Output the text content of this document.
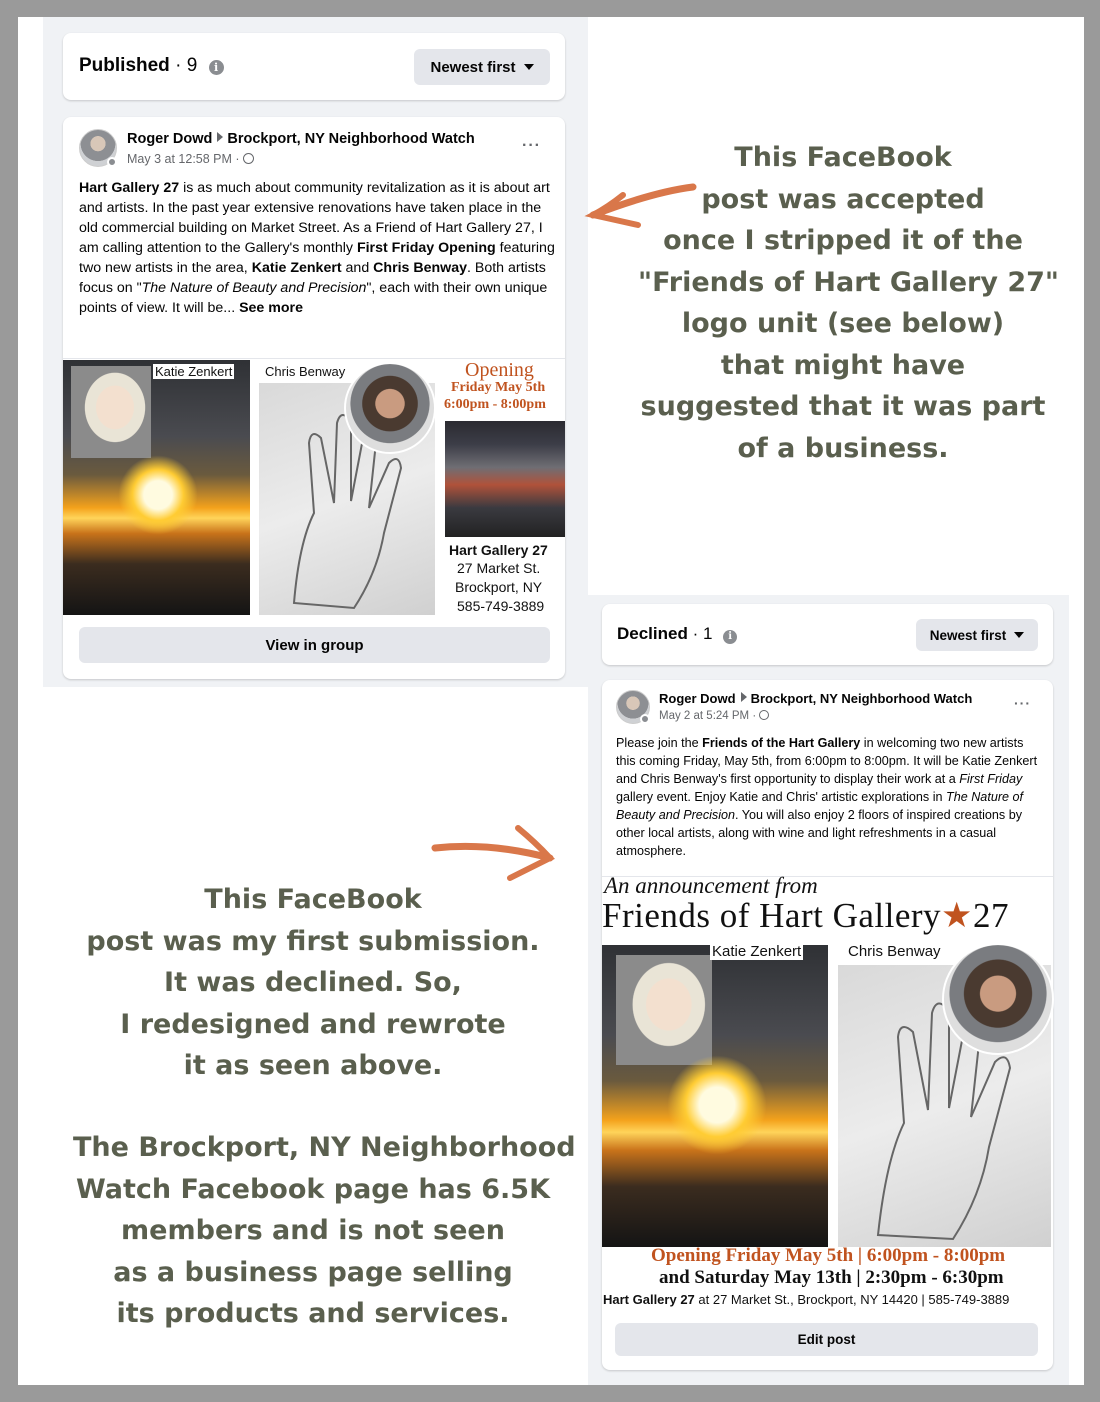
Published · 9 i	Newest first
Roger Dowd Brockport, NY Neighborhood Watch
May 3 at 12:58 PM ·
···
Hart Gallery 27 is as much about community revitalization as it is about art and artists. In the past year extensive renovations have taken place in the old commercial building on Market Street. As a Friend of Hart Gallery 27, I am calling attention to the Gallery's monthly First Friday Opening featuring two new artists in the area, Katie Zenkert and Chris Benway. Both artists focus on "The Nature of Beauty and Precision", each with their own unique points of view. It will be... See more
Katie Zenkert	Chris Benway	Opening
Friday May 5th
6:00pm - 8:00pm
Hart Gallery 27
27 Market St.
Brockport, NY
585-749-3889
View in group
This FaceBook
post was accepted
once I stripped it of the
"Friends of Hart Gallery 27"
logo unit (see below)
that might have
suggested that it was part
of a business.
This FaceBook
post was my first submission.
It was declined. So,
I redesigned and rewrote
it as seen above.
The Brockport, NY Neighborhood
Watch Facebook page has 6.5K
members and is not seen
as a business page selling
its products and services.
Declined · 1 i	Newest first
Roger Dowd Brockport, NY Neighborhood Watch
May 2 at 5:24 PM ·
···
Please join the Friends of the Hart Gallery in welcoming two new artists this coming Friday, May 5th, from 6:00pm to 8:00pm. It will be Katie Zenkert and Chris Benway's first opportunity to display their work at a First Friday gallery event. Enjoy Katie and Chris' artistic explorations in The Nature of Beauty and Precision. You will also enjoy 2 floors of inspired creations by other local artists, along with wine and light refreshments in a casual atmosphere.
An announcement from
Friends of Hart Gallery★27
Katie Zenkert	Chris Benway
Opening Friday May 5th | 6:00pm - 8:00pm
and Saturday May 13th | 2:30pm - 6:30pm
Hart Gallery 27 at 27 Market St., Brockport, NY 14420 | 585-749-3889
Edit post
